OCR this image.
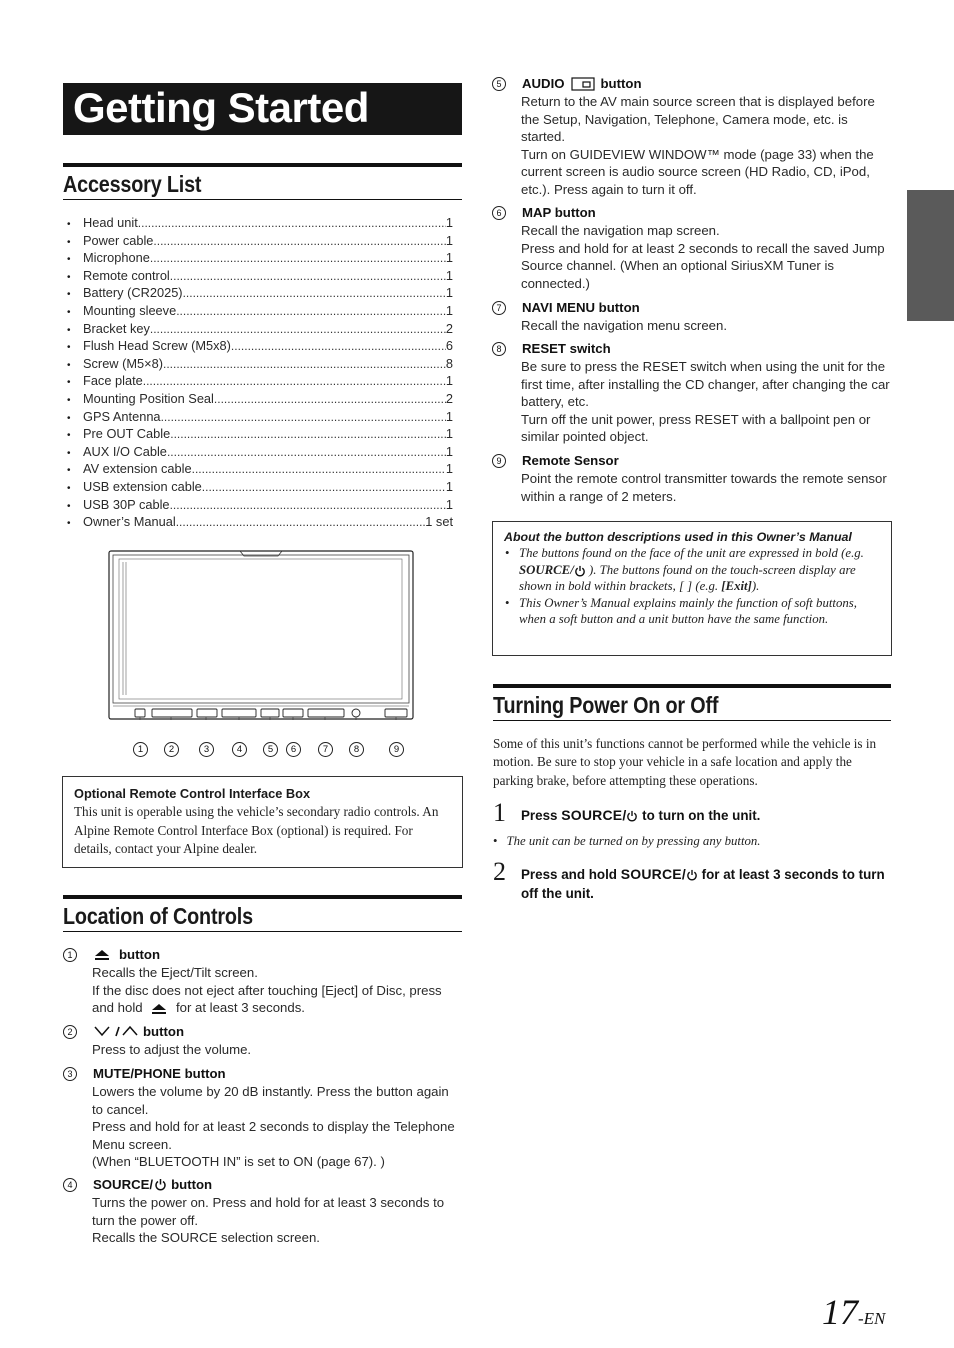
Getting Started
Accessory List
• Head unit .....	1
• Power cable .....	1
• Microphone .....	1
• Remote control .....	1
• Battery (CR2025) .....	1
• Mounting sleeve .....	1
• Bracket key .....	2
• Flush Head Screw (M5x8) .....	6
• Screw (M5×8) .....	8
• Face plate .....	1
• Mounting Position Seal .....	2
• GPS Antenna .....	1
• Pre OUT Cable .....	1
• AUX I/O Cable .....	1
• AV extension cable .....	1
• USB extension cable .....	1
• USB 30P cable .....	1
• Owner’s Manual .....	1 set
1	2	3	4	5	6	7	8	9
Optional Remote Control Interface Box
This unit is operable using the vehicle’s secondary radio controls. An Alpine Remote Control Interface Box (optional) is required. For details, contact your Alpine dealer.
Location of Controls
1	button

Recalls the Eject/Tilt screen.

If the disc does not eject after touching [Eject] of Disc, press and hold	for at least 3 seconds.

2	button

Press to adjust the volume.

3	MUTE/PHONE button

Lowers the volume by 20 dB instantly. Press the button again to cancel.

Press and hold for at least 2 seconds to display the Telephone Menu screen.

(When “BLUETOOTH IN” is set to ON (page 67). )

4	SOURCE/ button

Turns the power on. Press and hold for at least 3 seconds to turn the power off.

Recalls the SOURCE selection screen.

5	AUDIO	button

Return to the AV main source screen that is displayed before the Setup, Navigation, Telephone, Camera mode, etc. is started.

Turn on GUIDEVIEW WINDOW™ mode (page 33) when the current screen is audio source screen (HD Radio, CD, iPod, etc.). Press again to turn it off.

6	MAP button

Recall the navigation map screen.

Press and hold for at least 2 seconds to recall the saved Jump Source channel. (When an optional SiriusXM Tuner is connected.)

7	NAVI MENU button

Recall the navigation menu screen.

8	RESET switch

Be sure to press the RESET switch when using the unit for the first time, after installing the CD changer, after changing the car battery, etc.

Turn off the unit power, press RESET with a ballpoint pen or similar pointed object.

9	Remote Sensor

Point the remote control transmitter towards the remote sensor within a range of 2 meters.

About the button descriptions used in this Owner’s Manual
• The buttons found on the face of the unit are expressed in bold (e.g. SOURCE/ ). The buttons found on the touch-screen display are shown in bold within brackets, [ ] (e.g. [Exit]).
• This Owner’s Manual explains mainly the function of soft buttons, when a soft button and a unit button have the same function.
Turning Power On or Off
Some of this unit’s functions cannot be performed while the vehicle is in motion. Be sure to stop your vehicle in a safe location and apply the parking brake, before attempting these operations.
1 Press SOURCE/ to turn on the unit.
• The unit can be turned on by pressing any button.
2 Press and hold SOURCE/ for at least 3 seconds to turn off the unit.
17-EN
